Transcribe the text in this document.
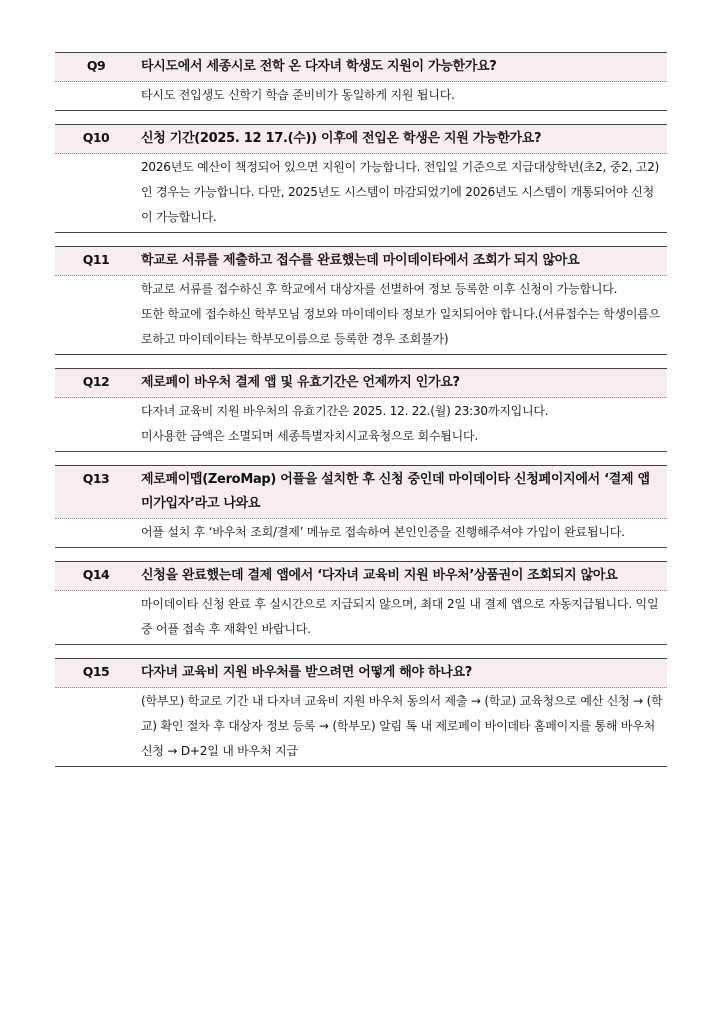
Q9	타시도에서 세종시로 전학 온 다자녀 학생도 지원이 가능한가요?

타시도 전입생도 신학기 학습 준비비가 동일하게 지원 됩니다.

Q10	신청 기간(2025. 12 17.(수)) 이후에 전입온 학생은 지원 가능한가요?

2026년도 예산이 책정되어 있으면 지원이 가능합니다. 전입일 기준으로 지급대상학년(초2, 중2, 고2)인 경우는 가능합니다. 다만, 2025년도 시스템이 마감되었기에 2026년도 시스템이 개통되어야 신청이 가능합니다.

Q11	학교로 서류를 제출하고 접수를 완료했는데 마이데이타에서 조회가 되지 않아요

학교로 서류를 접수하신 후 학교에서 대상자를 선별하여 정보 등록한 이후 신청이 가능합니다.

또한 학교에 접수하신 학부모님 정보와 마이데이타 정보가 일치되어야 합니다.(서류접수는 학생이름으로하고 마이데이타는 학부모이름으로 등록한 경우 조회불가)

Q12	제로페이 바우처 결제 앱 및 유효기간은 언제까지 인가요?

다자녀 교육비 지원 바우처의 유효기간은 2025. 12. 22.(월) 23:30까지입니다.

미사용한 금액은 소멸되며 세종특별자치시교육청으로 회수됩니다.

Q13	제로페이맵(ZeroMap) 어플을 설치한 후 신청 중인데 마이데이타 신청페이지에서 ‘결제 앱 미가입자’라고 나와요

어플 설치 후 ‘바우처 조회/결제’ 메뉴로 접속하여 본인인증을 진행해주셔야 가입이 완료됩니다.

Q14	신청을 완료했는데 결제 앱에서 ‘다자녀 교육비 지원 바우처’상품권이 조회되지 않아요

마이데이타 신청 완료 후 실시간으로 지급되지 않으며, 최대 2일 내 결제 앱으로 자동지급됩니다. 익일 중 어플 접속 후 재확인 바랍니다.

Q15	다자녀 교육비 지원 바우처를 받으려면 어떻게 해야 하나요?

(학부모) 학교로 기간 내 다자녀 교육비 지원 바우처 동의서 제출 → (학교) 교육청으로 예산 신청 → (학교) 확인 절차 후 대상자 정보 등록 → (학부모) 알림 톡 내 제로페이 바이데타 홈페이지를 통해 바우처 신청 → D+2일 내 바우처 지급
